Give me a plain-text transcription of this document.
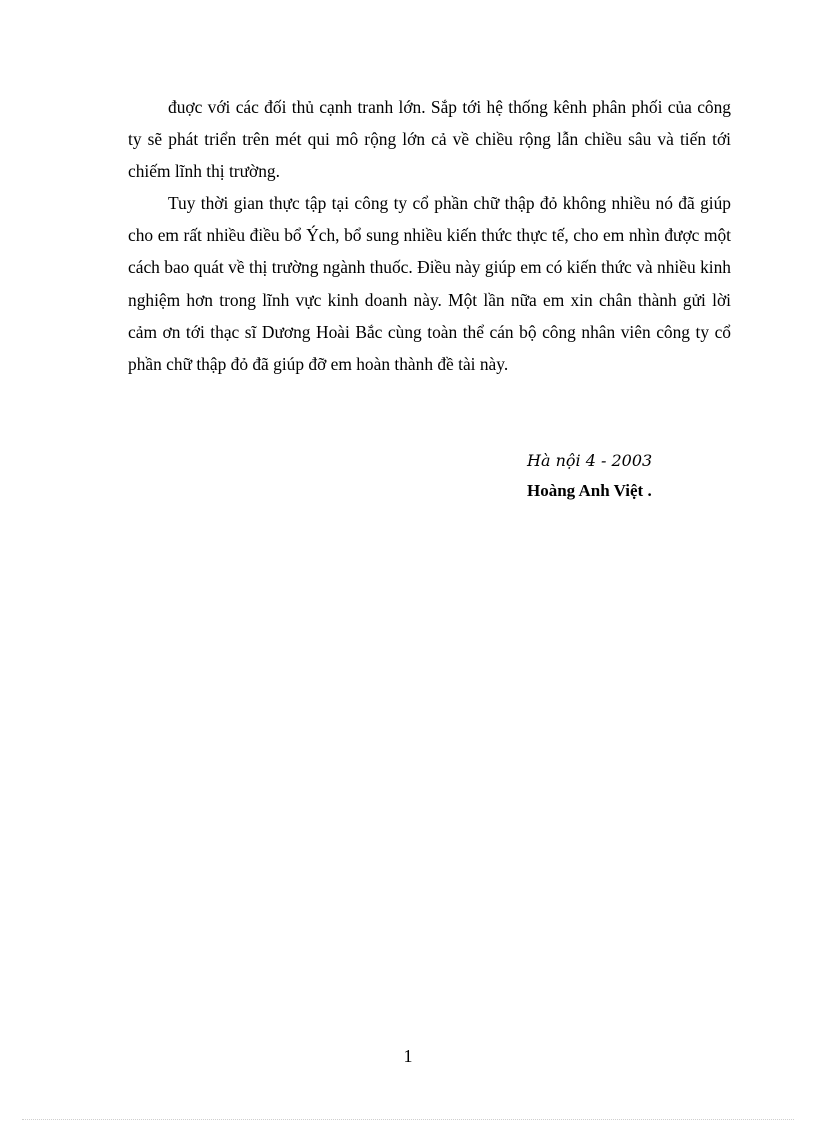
đuợc với các đối thủ cạnh tranh lớn. Sắp tới hệ thống kênh phân phối của công ty sẽ phát triển trên mét qui mô rộng lớn cả về chiều rộng lẫn chiều sâu và tiến tới chiếm lĩnh thị trường.

Tuy thời gian thực tập tại công ty cổ phần chữ thập đỏ không nhiều nó đã giúp cho em rất nhiều điều bổ Ých, bổ sung nhiều kiến thức thực tế, cho em nhìn được một cách bao quát về thị trường ngành thuốc. Điều này giúp em có kiến thức và nhiều kinh nghiệm hơn trong lĩnh vực kinh doanh này. Một lần nữa em xin chân thành gửi lời cảm ơn tới thạc sĩ Dương Hoài Bắc cùng toàn thể cán bộ công nhân viên công ty cổ phần chữ thập đỏ đã giúp đỡ em hoàn thành đề tài này.

Hà nội 4 - 2003
Hoàng Anh Việt .
1
